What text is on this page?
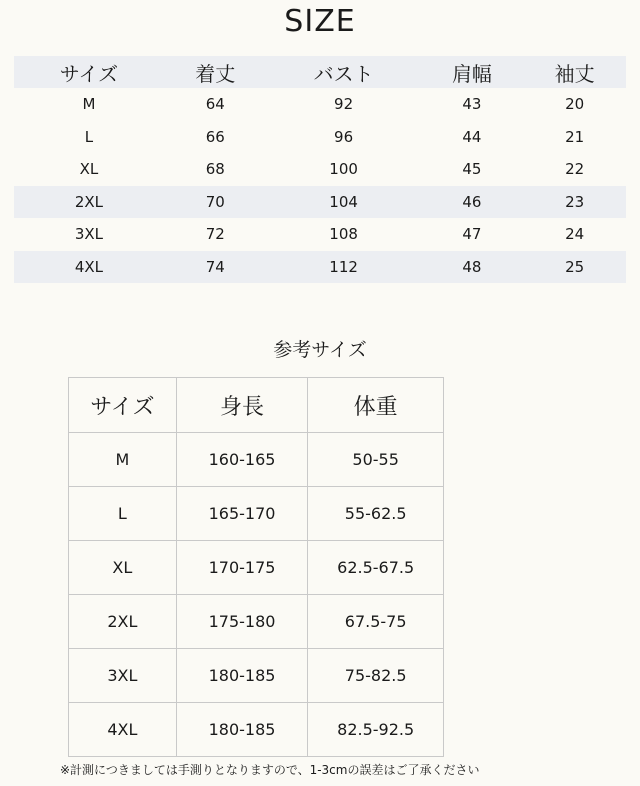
SIZE
サイズ	着丈	バスト	肩幅	袖丈
M	64	92	43	20
L	66	96	44	21
XL	68	100	45	22
2XL	70	104	46	23
3XL	72	108	47	24
4XL	74	112	48	25
参考サイズ
サイズ	身長	体重
M	160-165	50-55
L	165-170	55-62.5
XL	170-175	62.5-67.5
2XL	175-180	67.5-75
3XL	180-185	75-82.5
4XL	180-185	82.5-92.5
※計測につきましては手測りとなりますので、1-3cmの誤差はご了承ください
